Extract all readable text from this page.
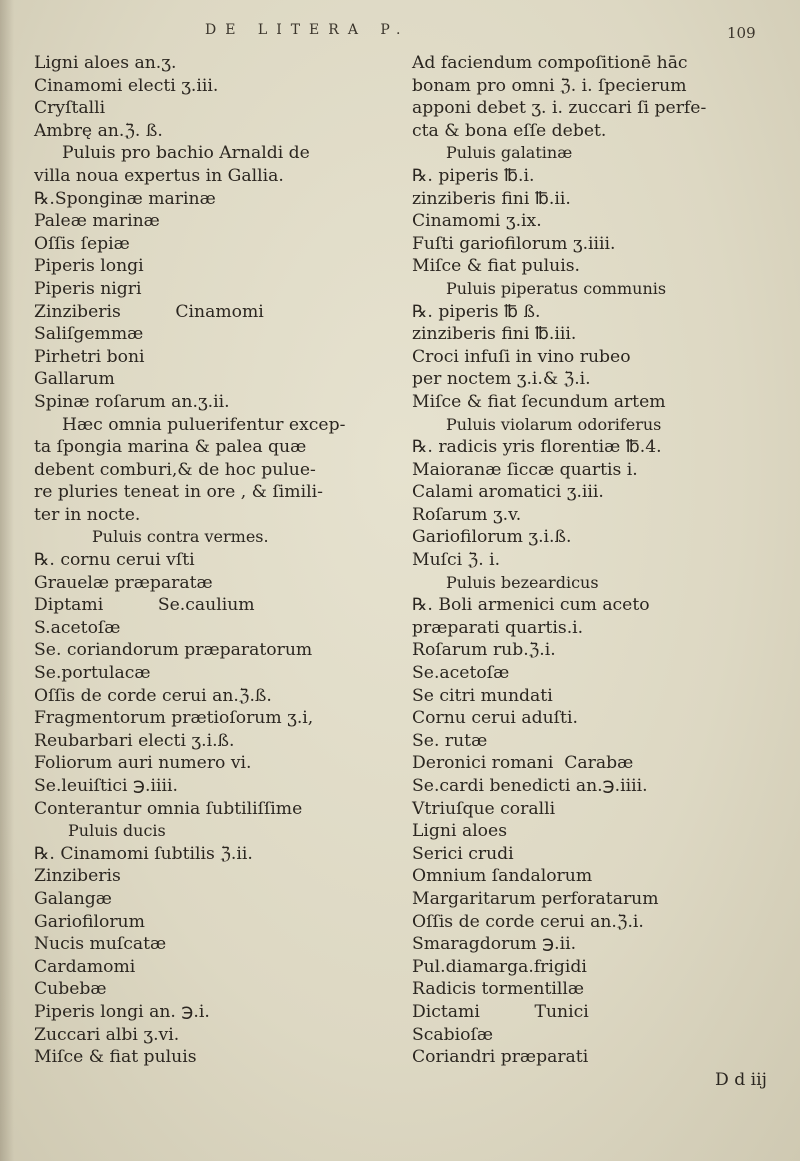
DE LITERA P.	109
Ligni aloes an.ʒ.
Cinamomi electi ʒ.iii.
Cryſtalli
Ambrę an.ℨ. ß.
Puluis pro bachio Arnaldi de
villa noua expertus in Gallia.
℞.Sponginæ marinæ
Paleæ marinæ
Oſſis ſepiæ
Piperis longi
Piperis nigri
Zinziberis          Cinamomi
Saliſgemmæ
Pirhetri boni
Gallarum
Spinæ roſarum an.ʒ.ii.
Hæc omnia puluerifentur excep-
ta ſpongia marina & palea quæ
debent comburi,& de hoc pulue-
re pluries teneat in ore , & ſimili-
ter in nocte.
Puluis contra vermes.
℞. cornu cerui vſti
Grauelæ præparatæ
Diptami          Se.caulium
S.acetoſæ
Se. coriandorum præparatorum
Se.portulacæ
Oſſis de corde cerui an.ℨ.ß.
Fragmentorum prætioſorum ʒ.i,
Reubarbari electi ʒ.i.ß.
Foliorum auri numero vi.
Se.leuiſtici ℈.iiii.
Conterantur omnia ſubtiliſſime
Puluis ducis
℞. Cinamomi ſubtilis ℨ.ii.
Zinziberis
Galangæ
Gariofilorum
Nucis muſcatæ
Cardamomi
Cubebæ
Piperis longi an. ℈.i.
Zuccari albi ʒ.vi.
Miſce & fiat puluis
Ad faciendum compoſitionē hāc
bonam pro omni ℨ. i. ſpecierum
apponi debet ʒ. i. zuccari ſi perfe-
cta & bona eſſe debet.
Puluis galatinæ
℞. piperis ℔.i.
zinziberis fini ℔.ii.
Cinamomi ʒ.ix.
Fuſti gariofilorum ʒ.iiii.
Miſce & fiat puluis.
Puluis piperatus communis
℞. piperis ℔ ß.
zinziberis fini ℔.iii.
Croci infuſi in vino rubeo
per noctem ʒ.i.& ℨ.i.
Miſce & fiat ſecundum artem
Puluis violarum odoriferus
℞. radicis yris florentiæ ℔.4.
Maioranæ ſiccæ quartis i.
Calami aromatici ʒ.iii.
Roſarum ʒ.v.
Gariofilorum ʒ.i.ß.
Muſci ℨ. i.
Puluis bezeardicus
℞. Boli armenici cum aceto
præparati quartis.i.
Roſarum rub.ℨ.i.
Se.acetoſæ
Se citri mundati
Cornu cerui aduſti.
Se. rutæ
Deronici romani  Carabæ
Se.cardi benedicti an.℈.iiii.
Vtriuſque coralli
Ligni aloes
Serici crudi
Omnium ſandalorum
Margaritarum perforatarum
Oſſis de corde cerui an.ℨ.i.
Smaragdorum ℈.ii.
Pul.diamarga.frigidi
Radicis tormentillæ
Dictami          Tunici
Scabioſæ
Coriandri præparati
D d iij
